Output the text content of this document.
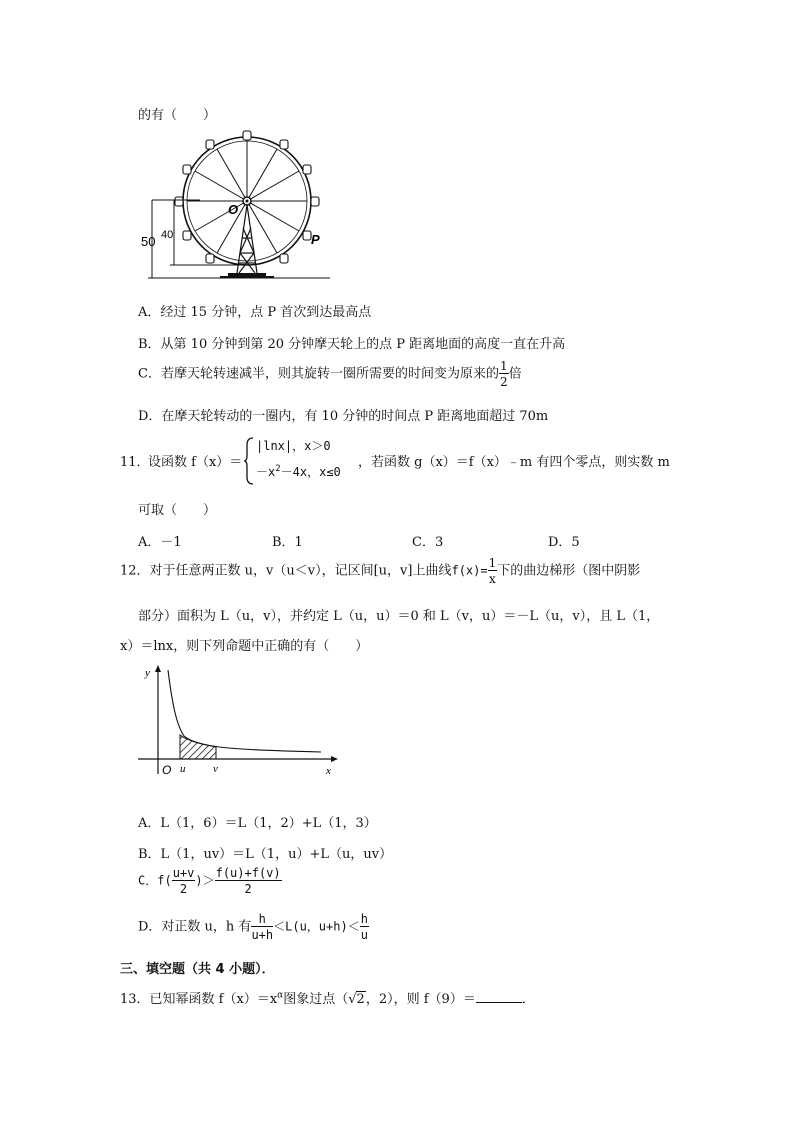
的有（　　）
50 40
O
P
A．经过 15 分钟，点 P 首次到达最高点
B．从第 10 分钟到第 20 分钟摩天轮上的点 P 距离地面的高度一直在升高
C．若摩天轮转速减半，则其旋转一圈所需要的时间变为原来的 $\frac{1}{2}$ 倍
D．在摩天轮转动的一圈内，有 10 分钟的时间点 P 距离地面超过 70m
11．
设函数 f（x）＝
|lnx|，x＞0
$-x^2-4x$，x≤0
，若函数 g（x）＝f（x）﹣m 有四个零点，则实数 m
可取（　　）
A．－1	B．1	C．3	D．5
12．对于任意两正数 u，v（u＜v），记区间[u，v]上曲线$f(x)= \frac{1}{x}$ 下的曲边梯形（图中阴影
部分）面积为 L（u，v），并约定 L（u，u）＝0 和 L（v，u）＝－L（u，v），且 L（1，
x）＝lnx，则下列命题中正确的有（　　）
y
x
O u	v
A．L（1，6）＝L（1，2）+L（1，3）
B．L（1，uv）＝L（1，u）+L（u，uv）
C．$f( \frac{u+v}{2}$ )＞ $\frac{f(u)+f(v)}{2}$
D．对正数 u，h 有 $\frac{h}{u+h} <L(u$，$u+h)< \frac{h}{u}$
三、填空题（共 4 小题）．
13．已知幂函数 $f(x)=x^\alpha$图象过点（√2，2），则 f（9）＝	．
